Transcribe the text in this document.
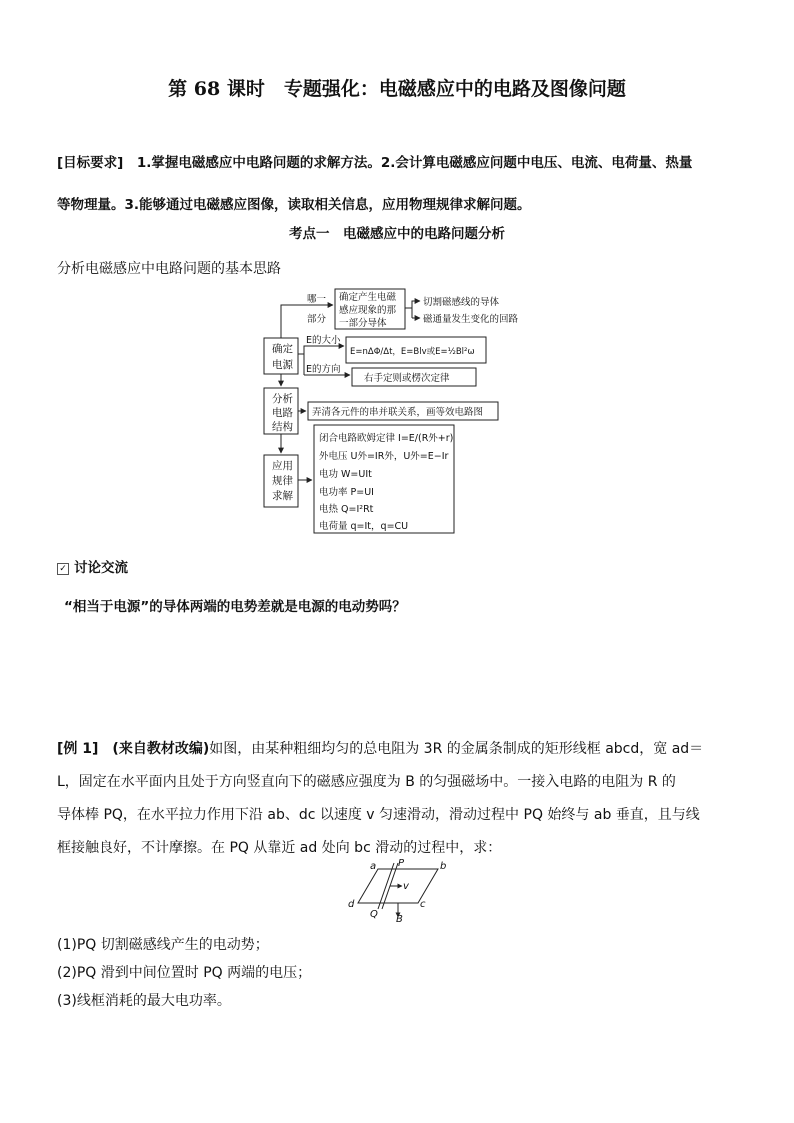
第 68 课时　专题强化：电磁感应中的电路及图像问题
[目标要求]　 1.掌握电磁感应中电路问题的求解方法。2.会计算电磁感应问题中电压、电流、电荷量、热量
等物理量。3.能够通过电磁感应图像，读取相关信息，应用物理规律求解问题。
考点一　电磁感应中的电路问题分析
分析电磁感应中电路问题的基本思路
确定
电源
分析
电路
结构
应用
规律
求解
哪一
部分
确定产生电磁
感应现象的那
一部分导体
切割磁感线的导体
磁通量发生变化的回路
E的大小
E=nΔΦ/Δt，E=Blv或E=½Bl²ω
E的方向
右手定则或楞次定律
弄清各元件的串并联关系，画等效电路图
闭合电路欧姆定律 I=E/(R外+r)
外电压 U外=IR外，U外=E−Ir
电功 W=UIt
电功率 P=UI
电热 Q=I²Rt
电荷量 q=It，q=CU
✓ 讨论交流
“相当于电源”的导体两端的电势差就是电源的电动势吗？
[例 1]　 (来自教材改编)如图，由某种粗细均匀的总电阻为 3R 的金属条制成的矩形线框 abcd，宽 ad＝
L，固定在水平面内且处于方向竖直向下的磁感应强度为 B 的匀强磁场中。一接入电路的电阻为 R 的
导体棒 PQ，在水平拉力作用下沿 ab、dc 以速度 v 匀速滑动，滑动过程中 PQ 始终与 ab 垂直，且与线
框接触良好，不计摩擦。在 PQ 从靠近 ad 处向 bc 滑动的过程中，求：
a P	b
v
d	c
Q B
(1)PQ 切割磁感线产生的电动势；
(2)PQ 滑到中间位置时 PQ 两端的电压；
(3)线框消耗的最大电功率。
